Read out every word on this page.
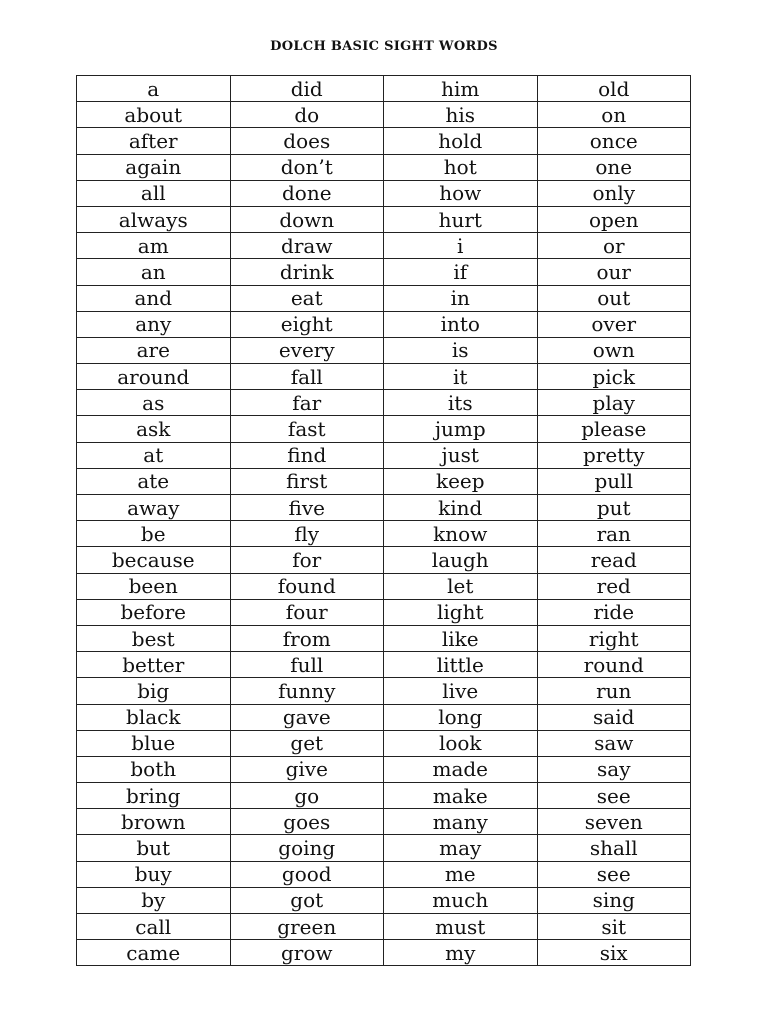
DOLCH BASIC SIGHT WORDS
a	did	him	old
about	do	his	on
after	does	hold	once
again	don’t	hot	one
all	done	how	only
always	down	hurt	open
am	draw	i	or
an	drink	if	our
and	eat	in	out
any	eight	into	over
are	every	is	own
around	fall	it	pick
as	far	its	play
ask	fast	jump	please
at	find	just	pretty
ate	first	keep	pull
away	five	kind	put
be	fly	know	ran
because	for	laugh	read
been	found	let	red
before	four	light	ride
best	from	like	right
better	full	little	round
big	funny	live	run
black	gave	long	said
blue	get	look	saw
both	give	made	say
bring	go	make	see
brown	goes	many	seven
but	going	may	shall
buy	good	me	see
by	got	much	sing
call	green	must	sit
came	grow	my	six
